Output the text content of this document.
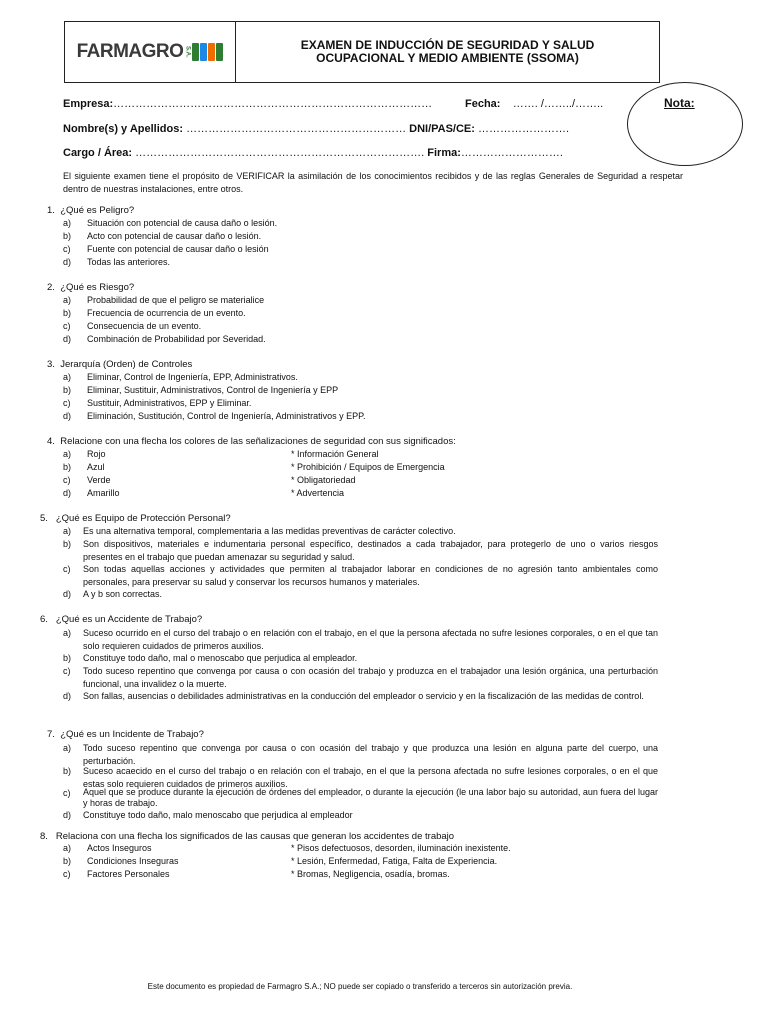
FARMAGRO S.A.	EXAMEN DE INDUCCIÓN DE SEGURIDAD Y SALUD
OCUPACIONAL Y MEDIO AMBIENTE (SSOMA)
Nota:
Empresa:……………………………………………………………………………	Fecha: ……. /……../……..
Nombre(s) y Apellidos: …………………………………………………… DNI/PAS/CE: …………………….
Cargo / Área: ……………………………………………………………………. Firma:……………………….
El siguiente examen tiene el propósito de VERIFICAR la asimilación de los conocimientos recibidos y de las reglas Generales de Seguridad a respetar dentro de nuestras instalaciones, entre otros.
1. ¿Qué es Peligro?
a) Situación con potencial de causa daño o lesión.
b) Acto con potencial de causar daño o lesión.
c) Fuente con potencial de causar daño o lesión
d) Todas las anteriores.
2. ¿Qué es Riesgo?
a) Probabilidad de que el peligro se materialice
b) Frecuencia de ocurrencia de un evento.
c) Consecuencia de un evento.
d) Combinación de Probabilidad por Severidad.
3. Jerarquía (Orden) de Controles
a) Eliminar, Control de Ingeniería, EPP, Administrativos.
b) Eliminar, Sustituir, Administrativos, Control de Ingeniería y EPP
c) Sustituir, Administrativos, EPP y Eliminar.
d) Eliminación, Sustitución, Control de Ingeniería, Administrativos y EPP.
4. Relacione con una flecha los colores de las señalizaciones de seguridad con sus significados:
a) Rojo
b) Azul
c) Verde
d) Amarillo
* Información General
* Prohibición / Equipos de Emergencia
* Obligatoriedad
* Advertencia
5. ¿Qué es Equipo de Protección Personal?
a) Es una alternativa temporal, complementaria a las medidas preventivas de carácter colectivo.
b) Son dispositivos, materiales e indumentaria personal específico, destinados a cada trabajador, para protegerlo de uno o varios riesgos presentes en el trabajo que puedan amenazar su seguridad y salud.
c) Son todas aquellas acciones y actividades que permiten al trabajador laborar en condiciones de no agresión tanto ambientales como personales, para preservar su salud y conservar los recursos humanos y materiales.
d) A y b son correctas.
6. ¿Qué es un Accidente de Trabajo?
a) Suceso ocurrido en el curso del trabajo o en relación con el trabajo, en el que la persona afectada no sufre lesiones corporales, o en el que tan solo requieren cuidados de primeros auxilios.
b) Constituye todo daño, mal o menoscabo que perjudica al empleador.
c) Todo suceso repentino que convenga por causa o con ocasión del trabajo y produzca en el trabajador una lesión orgánica, una perturbación funcional, una invalidez o la muerte.
d) Son fallas, ausencias o debilidades administrativas en la conducción del empleador o servicio y en la fiscalización de las medidas de control.
7. ¿Qué es un Incidente de Trabajo?
a) Todo suceso repentino que convenga por causa o con ocasión del trabajo y que produzca una lesión en alguna parte del cuerpo, una perturbación.
b) Suceso acaecido en el curso del trabajo o en relación con el trabajo, en el que la persona afectada no sufre lesiones corporales, o en el que estas solo requieren cuidados de primeros auxilios.
c) Aquel que se produce durante la ejecución de órdenes del empleador, o durante la ejecución (le una labor bajo su autoridad, aun fuera del lugar y horas de trabajo.
d) Constituye todo daño, malo menoscabo que perjudica al empleador
8. Relaciona con una flecha los significados de las causas que generan los accidentes de trabajo
a) Actos Inseguros
b) Condiciones Inseguras
c) Factores Personales
* Pisos defectuosos, desorden, iluminación inexistente.
* Lesión, Enfermedad, Fatiga, Falta de Experiencia.
* Bromas, Negligencia, osadía, bromas.
Este documento es propiedad de Farmagro S.A.; NO puede ser copiado o transferido a terceros sin autorización previa.
